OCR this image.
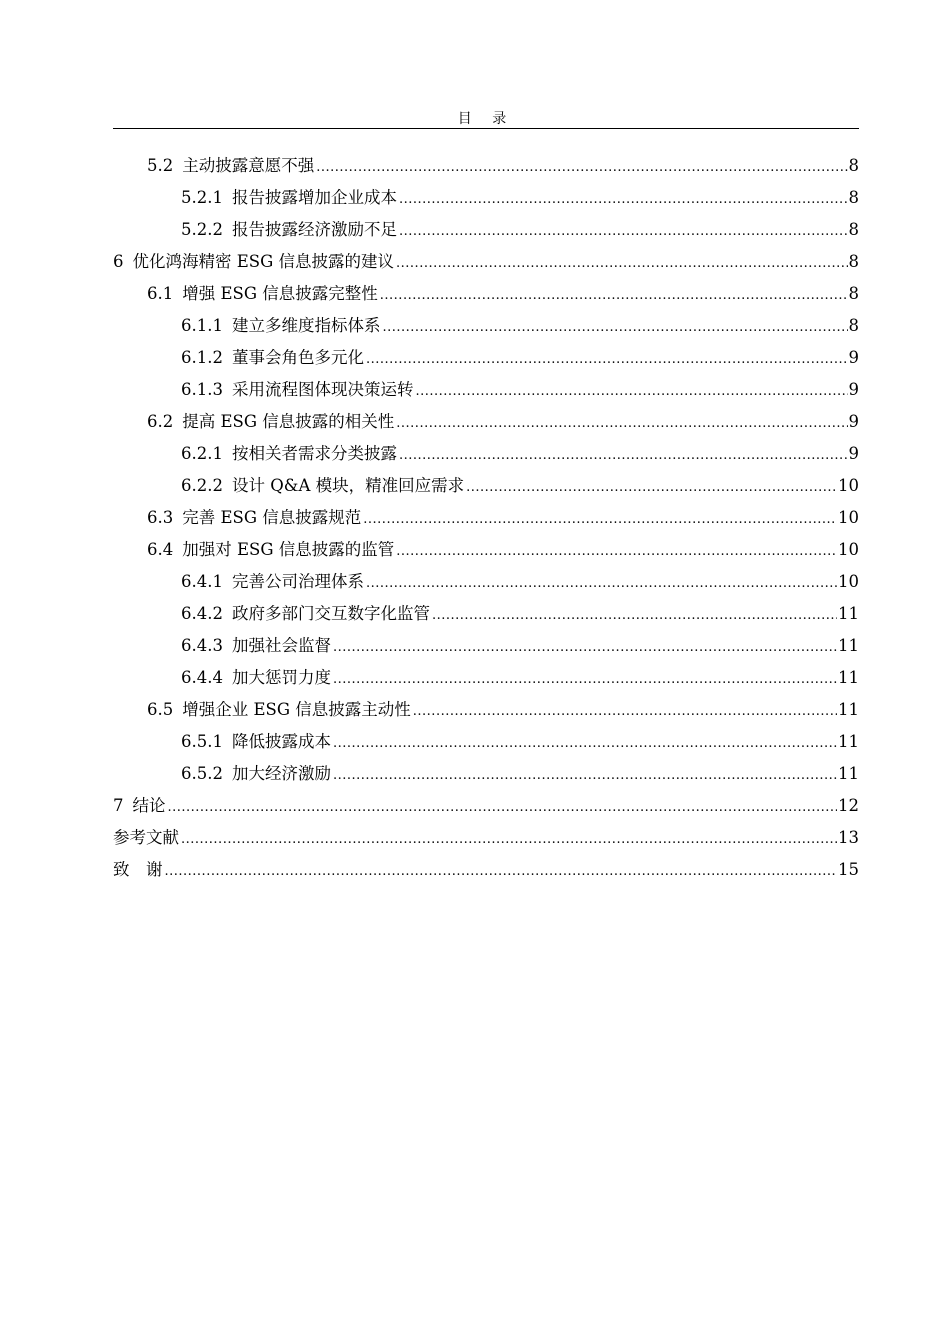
目 录
5.2 主动披露意愿不强 .....	8
5.2.1 报告披露增加企业成本 .....	8
5.2.2 报告披露经济激励不足 .....	8
6 优化鸿海精密 ESG 信息披露的建议 .....	8
6.1 增强 ESG 信息披露完整性 .....	8
6.1.1 建立多维度指标体系 .....	8
6.1.2 董事会角色多元化 .....	9
6.1.3 采用流程图体现决策运转 .....	9
6.2 提高 ESG 信息披露的相关性 .....	9
6.2.1 按相关者需求分类披露 .....	9
6.2.2 设计 Q&A 模块，精准回应需求 .....	10
6.3 完善 ESG 信息披露规范 .....	10
6.4 加强对 ESG 信息披露的监管 .....	10
6.4.1 完善公司治理体系 .....	10
6.4.2 政府多部门交互数字化监管 .....	11
6.4.3 加强社会监督 .....	11
6.4.4 加大惩罚力度 .....	11
6.5 增强企业 ESG 信息披露主动性 .....	11
6.5.1 降低披露成本 .....	11
6.5.2 加大经济激励 .....	11
7 结论 .....	12
参考文献 .....	13
致　谢 .....	15
